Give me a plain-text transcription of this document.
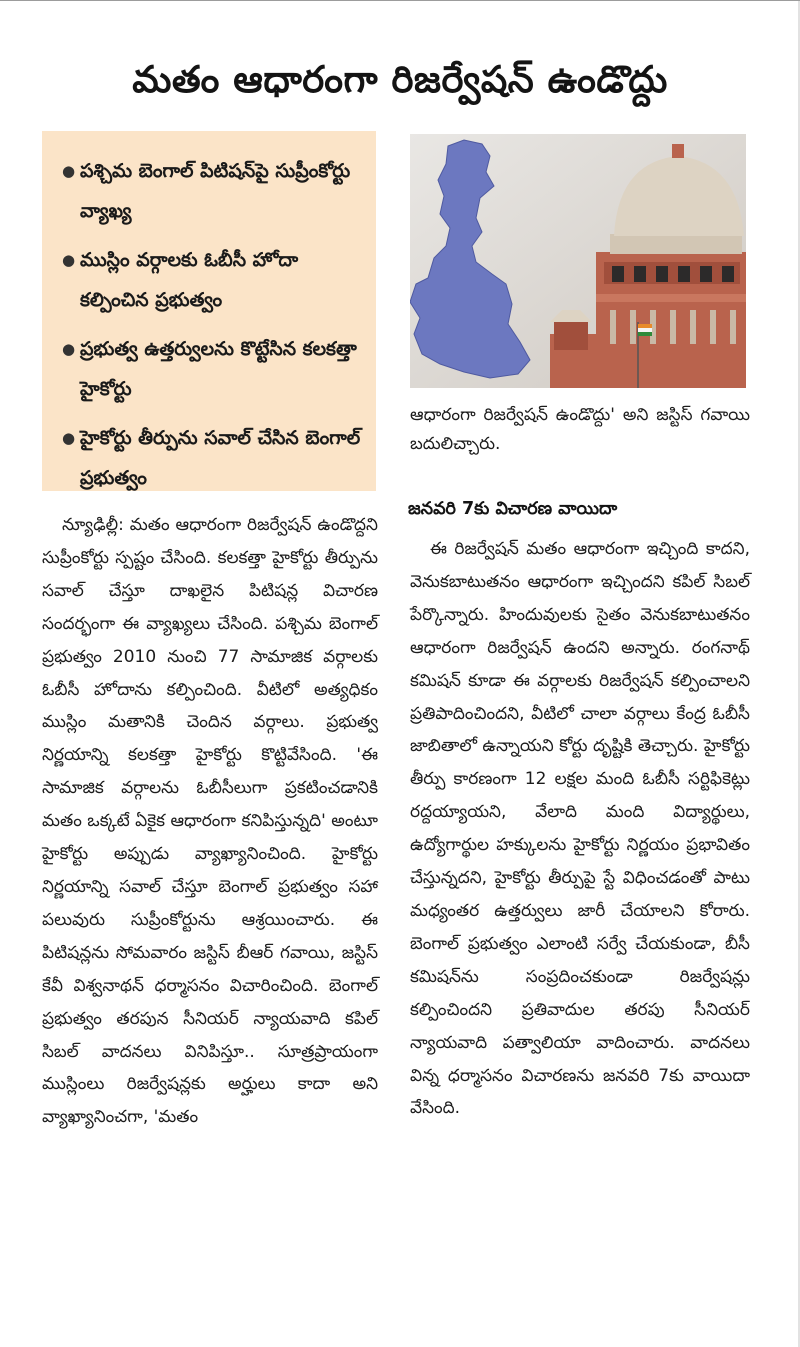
మతం ఆధారంగా రిజర్వేషన్ ఉండొద్దు
● పశ్చిమ బెంగాల్ పిటిషన్‌పై సుప్రీంకోర్టు వ్యాఖ్య
● ముస్లిం వర్గాలకు ఓబీసీ హోదా కల్పించిన ప్రభుత్వం
● ప్రభుత్వ ఉత్తర్వులను కొట్టేసిన కలకత్తా హైకోర్టు
● హైకోర్టు తీర్పును సవాల్ చేసిన బెంగాల్ ప్రభుత్వం
ఆధారంగా రిజర్వేషన్ ఉండొద్దు' అని జస్టిస్ గవాయి బదులిచ్చారు.
జనవరి 7కు విచారణ వాయిదా
న్యూఢిల్లీ: మతం ఆధారంగా రిజర్వేషన్ ఉండొద్దని సుప్రీంకోర్టు స్పష్టం చేసింది. కలకత్తా హైకోర్టు తీర్పును సవాల్ చేస్తూ దాఖలైన పిటిషన్ల విచారణ సందర్భంగా ఈ వ్యాఖ్యలు చేసింది. పశ్చిమ బెంగాల్ ప్రభుత్వం 2010 నుంచి 77 సామాజిక వర్గాలకు ఓబీసీ హోదాను కల్పించింది. వీటిలో అత్యధికం ముస్లిం మతానికి చెందిన వర్గాలు. ప్రభుత్వ నిర్ణయాన్ని కలకత్తా హైకోర్టు కొట్టివేసింది. 'ఈ సామాజిక వర్గాలను ఓబీసీలుగా ప్రకటించడానికి మతం ఒక్కటే ఏకైక ఆధారంగా కనిపిస్తున్నది' అంటూ హైకోర్టు అప్పుడు వ్యాఖ్యానించింది. హైకోర్టు నిర్ణయాన్ని సవాల్ చేస్తూ బెంగాల్ ప్రభుత్వం సహా పలువురు సుప్రీంకోర్టును ఆశ్రయించారు. ఈ పిటిషన్లను సోమవారం జస్టిస్ బీఆర్ గవాయి, జస్టిస్ కేవీ విశ్వనాథన్ ధర్మాసనం విచారించింది. బెంగాల్ ప్రభుత్వం తరపున సీనియర్ న్యాయవాది కపిల్ సిబల్ వాదనలు వినిపిస్తూ.. సూత్రప్రాయంగా ముస్లింలు రిజర్వేషన్లకు అర్హులు కాదా అని వ్యాఖ్యానించగా, 'మతం
ఈ రిజర్వేషన్ మతం ఆధారంగా ఇచ్చింది కాదని, వెనుకబాటుతనం ఆధారంగా ఇచ్చిందని కపిల్ సిబల్ పేర్కొన్నారు. హిందువులకు సైతం వెనుకబాటుతనం ఆధారంగా రిజర్వేషన్ ఉందని అన్నారు. రంగనాథ్ కమిషన్ కూడా ఈ వర్గాలకు రిజర్వేషన్ కల్పించాలని ప్రతిపాదించిందని, వీటిలో చాలా వర్గాలు కేంద్ర ఓబీసీ జాబితాలో ఉన్నాయని కోర్టు దృష్టికి తెచ్చారు. హైకోర్టు తీర్పు కారణంగా 12 లక్షల మంది ఓబీసీ సర్టిఫికెట్లు రద్దయ్యాయని, వేలాది మంది విద్యార్థులు, ఉద్యోగార్థుల హక్కులను హైకోర్టు నిర్ణయం ప్రభావితం చేస్తున్నదని, హైకోర్టు తీర్పుపై స్టే విధించడంతో పాటు మధ్యంతర ఉత్తర్వులు జారీ చేయాలని కోరారు. బెంగాల్ ప్రభుత్వం ఎలాంటి సర్వే చేయకుండా, బీసీ కమిషన్‌ను సంప్రదించకుండా రిజర్వేషన్లు కల్పించిందని ప్రతివాదుల తరపు సీనియర్ న్యాయవాది పత్వాలియా వాదించారు. వాదనలు విన్న ధర్మాసనం విచారణను జనవరి 7కు వాయిదా వేసింది.
